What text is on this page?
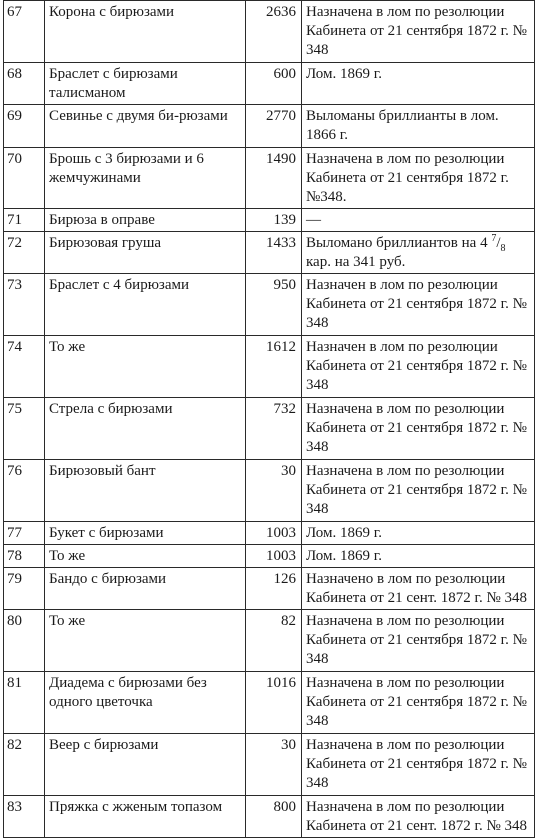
67	Корона с бирюзами	2636	Назначена в лом по резолюции Кабинета от 21 сентября 1872 г. № 348
68	Браслет с бирюзами талисманом	600	Лом. 1869 г.
69	Севинье с двумя би-рюзами	2770	Выломаны бриллианты в лом. 1866 г.
70	Брошь с 3 бирюзами и 6 жемчужинами	1490	Назначена в лом по резолюции Кабинета от 21 сентября 1872 г. №348.
71	Бирюза в оправе	139	—
72	Бирюзовая груша	1433	Выломано бриллиантов на 4 $^7/_8$ кар. на 341 руб.
73	Браслет с 4 бирюзами	950	Назначен в лом по резолюции Кабинета от 21 сентября 1872 г. № 348
74	То же	1612	Назначен в лом по резолюции Кабинета от 21 сентября 1872 г. № 348
75	Стрела с бирюзами	732	Назначена в лом по резолюции Кабинета от 21 сентября 1872 г. № 348
76	Бирюзовый бант	30	Назначена в лом по резолюции Кабинета от 21 сентября 1872 г. № 348
77	Букет с бирюзами	1003	Лом. 1869 г.
78	То же	1003	Лом. 1869 г.
79	Бандо с бирюзами	126	Назначено в лом по резолюции Кабинета от 21 сент. 1872 г. № 348
80	То же	82	Назначена в лом по резолюции Кабинета от 21 сентября 1872 г. № 348
81	Диадема с бирюзами без одного цветочка	1016	Назначена в лом по резолюции Кабинета от 21 сентября 1872 г. № 348
82	Веер с бирюзами	30	Назначена в лом по резолюции Кабинета от 21 сентября 1872 г. № 348
83	Пряжка с жженым топазом	800	Назначена в лом по резолюции Кабинета от 21 сент. 1872 г. № 348
